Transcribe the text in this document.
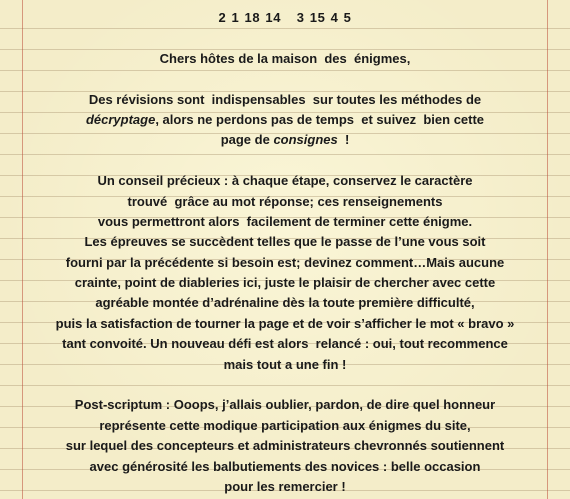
2 1 18 14   3 15 4 5
Chers hôtes de la maison  des  énigmes,
Des révisions sont  indispensables  sur toutes les méthodes de
décryptage, alors ne perdons pas de temps  et suivez  bien cette
page de consignes  !
Un conseil précieux : à chaque étape, conservez le caractère
trouvé  grâce au mot réponse; ces renseignements
vous permettront alors  facilement de terminer cette énigme.
Les épreuves se succèdent telles que le passe de l’une vous soit
fourni par la précédente si besoin est; devinez comment…Mais aucune
crainte, point de diableries ici, juste le plaisir de chercher avec cette
agréable montée d’adrénaline dès la toute première difficulté,
puis la satisfaction de tourner la page et de voir s’afficher le mot « bravo »
tant convoité. Un nouveau défi est alors  relancé : oui, tout recommence
mais tout a une fin !
Post-scriptum : Ooops, j’allais oublier, pardon, de dire quel honneur
représente cette modique participation aux énigmes du site,
sur lequel des concepteurs et administrateurs chevronnés soutiennent
avec générosité les balbutiements des novices : belle occasion
pour les remercier !
